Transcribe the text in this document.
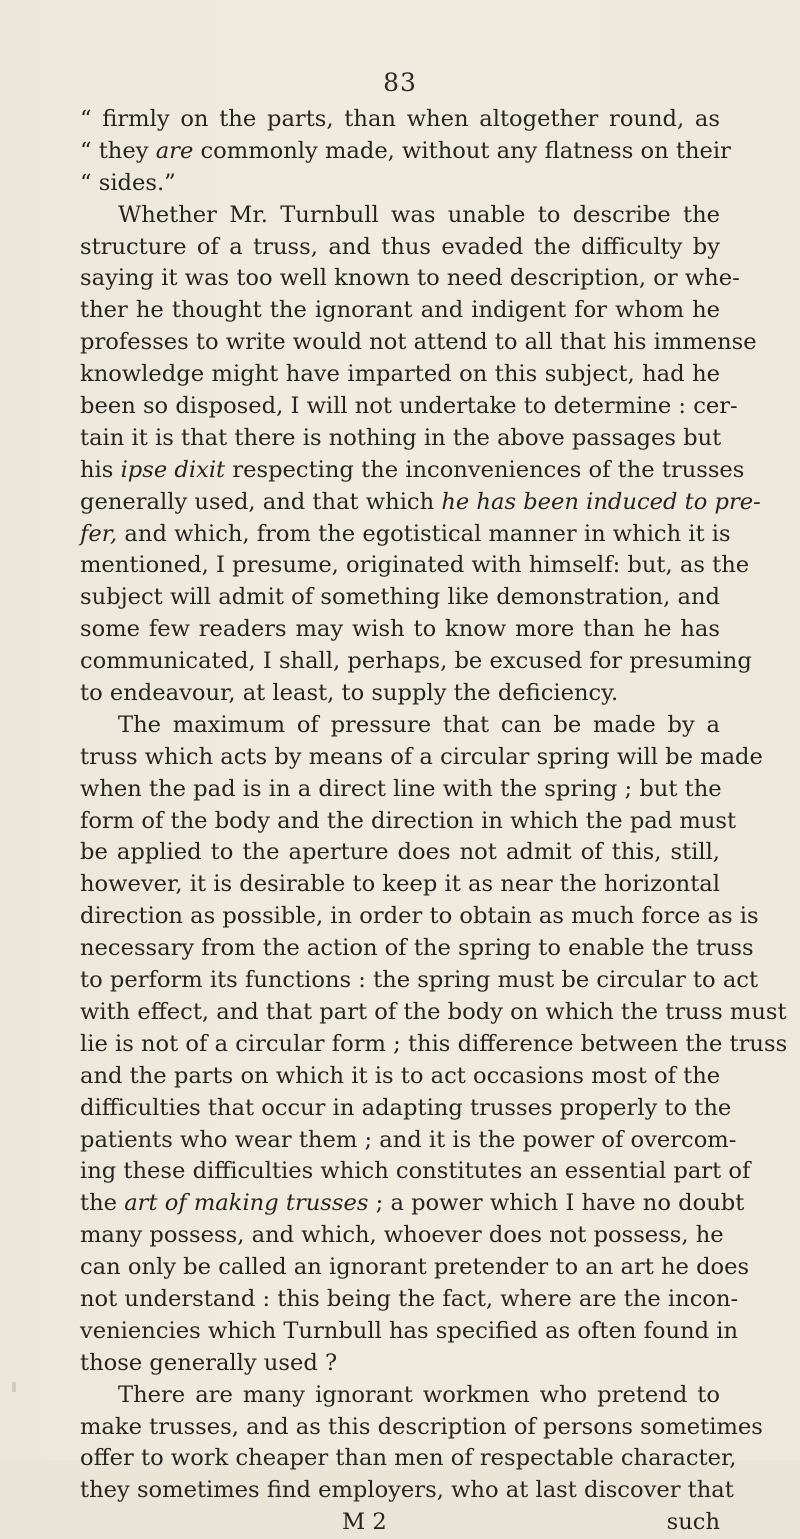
83
“ firmly on the parts, than when altogether round, as
“ they are commonly made, without any flatness on their
“ sides.”
Whether Mr. Turnbull was unable to describe the
structure of a truss, and thus evaded the difficulty by
saying it was too well known to need description, or whe-
ther he thought the ignorant and indigent for whom he
professes to write would not attend to all that his immense
knowledge might have imparted on this subject, had he
been so disposed, I will not undertake to determine : cer-
tain it is that there is nothing in the above passages but
his ipse dixit respecting the inconveniences of the trusses
generally used, and that which he has been induced to pre-
fer, and which, from the egotistical manner in which it is
mentioned, I presume, originated with himself: but, as the
subject will admit of something like demonstration, and
some few readers may wish to know more than he has
communicated, I shall, perhaps, be excused for presuming
to endeavour, at least, to supply the deficiency.
The maximum of pressure that can be made by a
truss which acts by means of a circular spring will be made
when the pad is in a direct line with the spring ; but the
form of the body and the direction in which the pad must
be applied to the aperture does not admit of this, still,
however, it is desirable to keep it as near the horizontal
direction as possible, in order to obtain as much force as is
necessary from the action of the spring to enable the truss
to perform its functions : the spring must be circular to act
with effect, and that part of the body on which the truss must
lie is not of a circular form ; this difference between the truss
and the parts on which it is to act occasions most of the
difficulties that occur in adapting trusses properly to the
patients who wear them ; and it is the power of overcom-
ing these difficulties which constitutes an essential part of
the art of making trusses ; a power which I have no doubt
many possess, and which, whoever does not possess, he
can only be called an ignorant pretender to an art he does
not understand : this being the fact, where are the incon-
veniencies which Turnbull has specified as often found in
those generally used ?
There are many ignorant workmen who pretend to
make trusses, and as this description of persons sometimes
offer to work cheaper than men of respectable character,
they sometimes find employers, who at last discover that
M 2	such
